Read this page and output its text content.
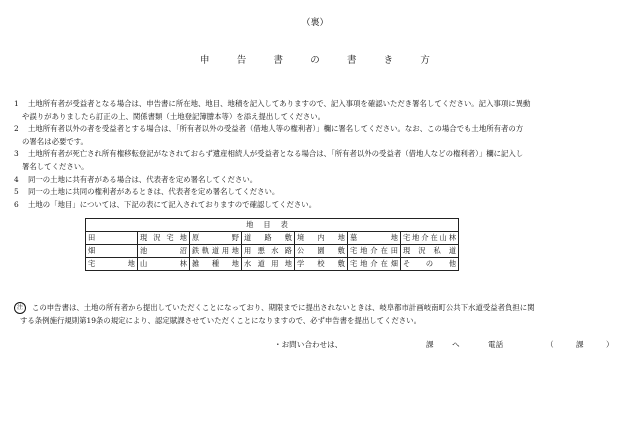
（裏）
申	告	書	の	書	き	方
1	土地所有者が受益者となる場合は、申告書に所在地、地目、地積を記入してありますので、記入事項を確認いただき署名してください。記入事項に異動
や誤りがありましたら訂正の上、関係書類（土地登記簿謄本等）を添え提出してください。
2	土地所有者以外の者を受益者とする場合は、「所有者以外の受益者（借地人等の権利者）」欄に署名してください。なお、この場合でも土地所有者の方
の署名は必要です。
3	土地所有者が死亡され所有権移転登記がなされておらず遺産相続人が受益者となる場合は、「所有者以外の受益者（借地人などの権利者）」欄に記入し
署名してください。
4	同一の土地に共有者がある場合は、代表者を定め署名してください。
5	同一の土地に共同の権利者があるときは、代表者を定め署名してください。
6	土地の「地目」については、下記の表にて記入されておりますので確認してください。
地目表						
田	現況宅地	原野	道路敷	境内地	墓地	宅地介在山林
畑	池沼	鉄軌道用地	用悪水路	公園敷	宅地介在田	現況私道
宅地	山林	雑種地	水道用地	学校敷	宅地介在畑	その他
注 この申告書は、土地の所有者から提出していただくことになっており、期限までに提出されないときは、岐阜都市計画岐南町公共下水道受益者負担に関
する条例施行規則第19条の規定により、認定賦課させていただくことになりますので、必ず申告書を提出してください。
・お問い合わせは、	課	へ	電話	（	課	）
